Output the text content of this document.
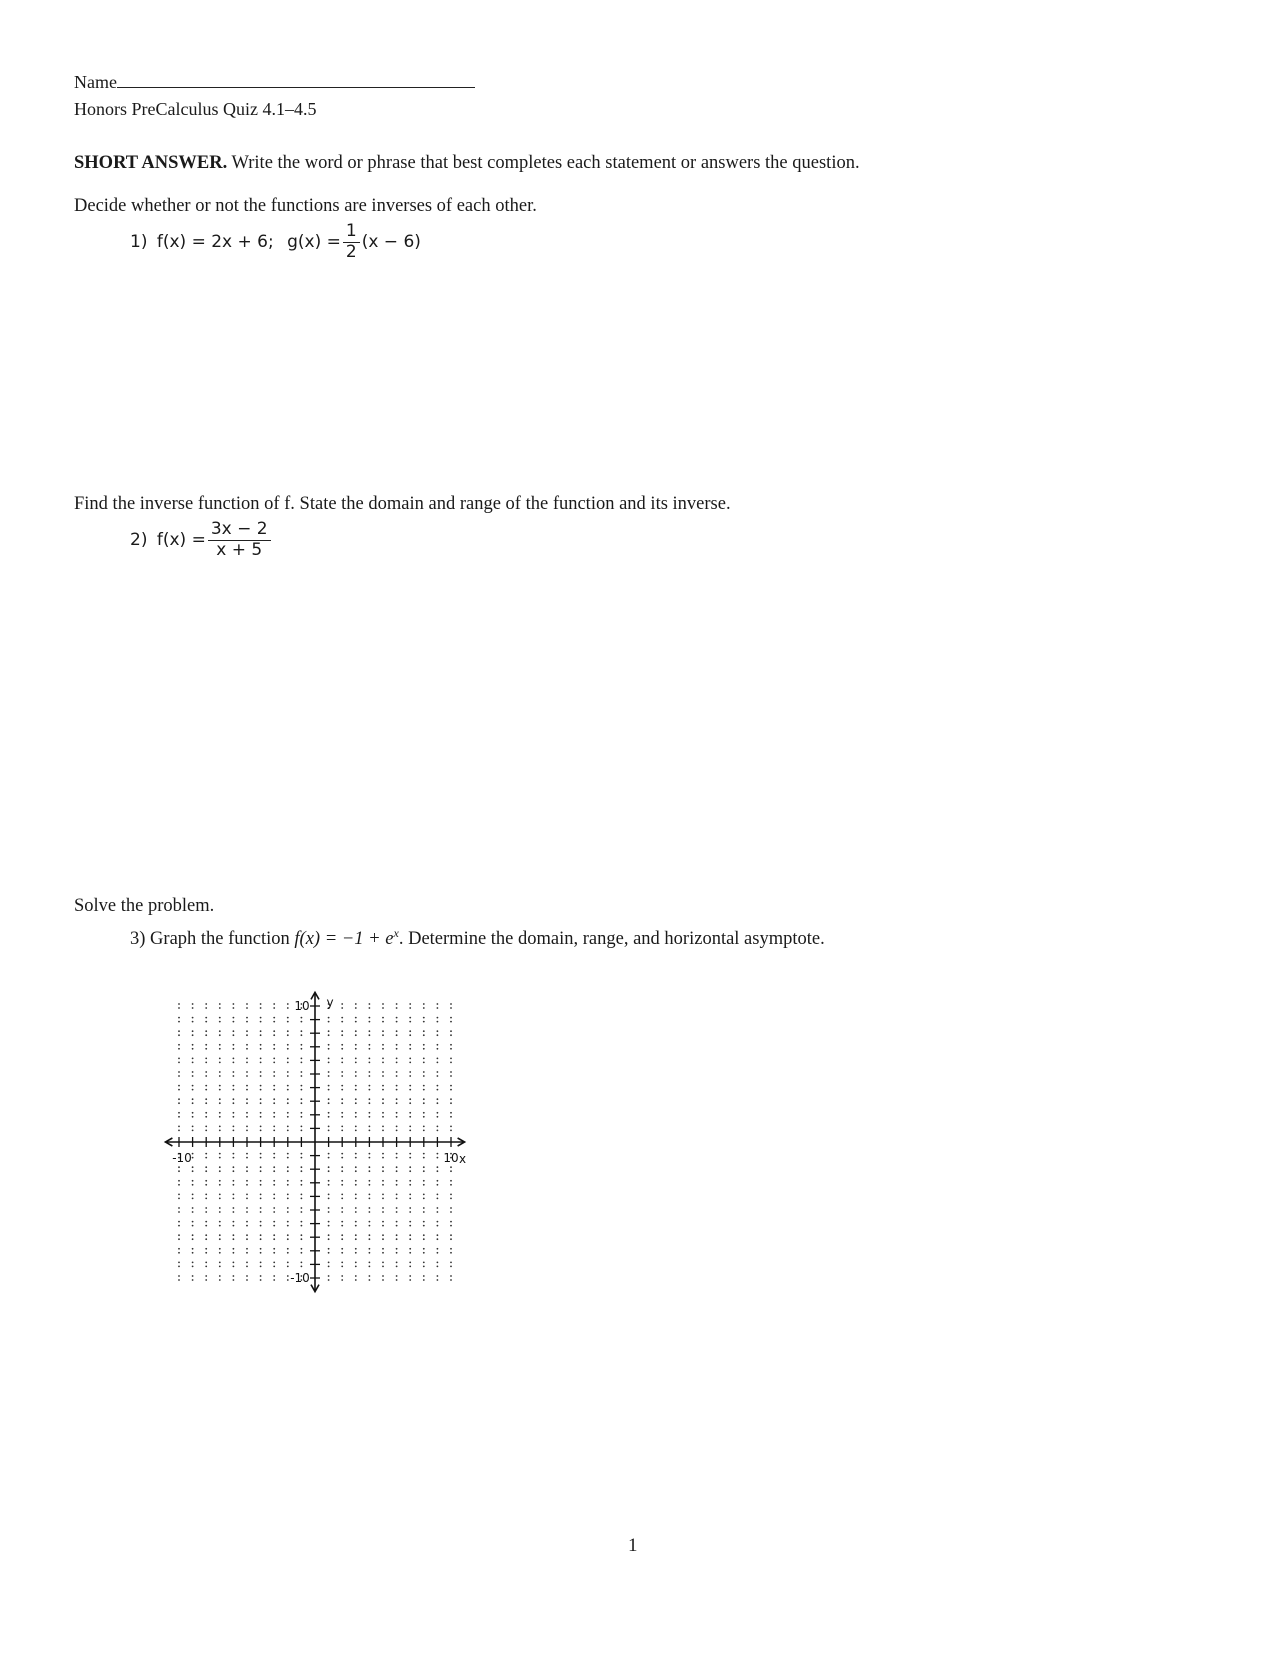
Name
Honors PreCalculus Quiz 4.1–4.5
SHORT ANSWER. Write the word or phrase that best completes each statement or answers the question.
Decide whether or not the functions are inverses of each other.
1) f(x) = 2x + 6; $g(x) = \frac{1}{2} (x - 6)$
Find the inverse function of f. State the domain and range of the function and its inverse.
2) $f(x) = \frac{3x - 2}{x + 5}$
Solve the problem.
3) Graph the function $f(x) = -1 + e^x$. Determine the domain, range, and horizontal asymptote.
y
x
10
-10
-10	10
1
